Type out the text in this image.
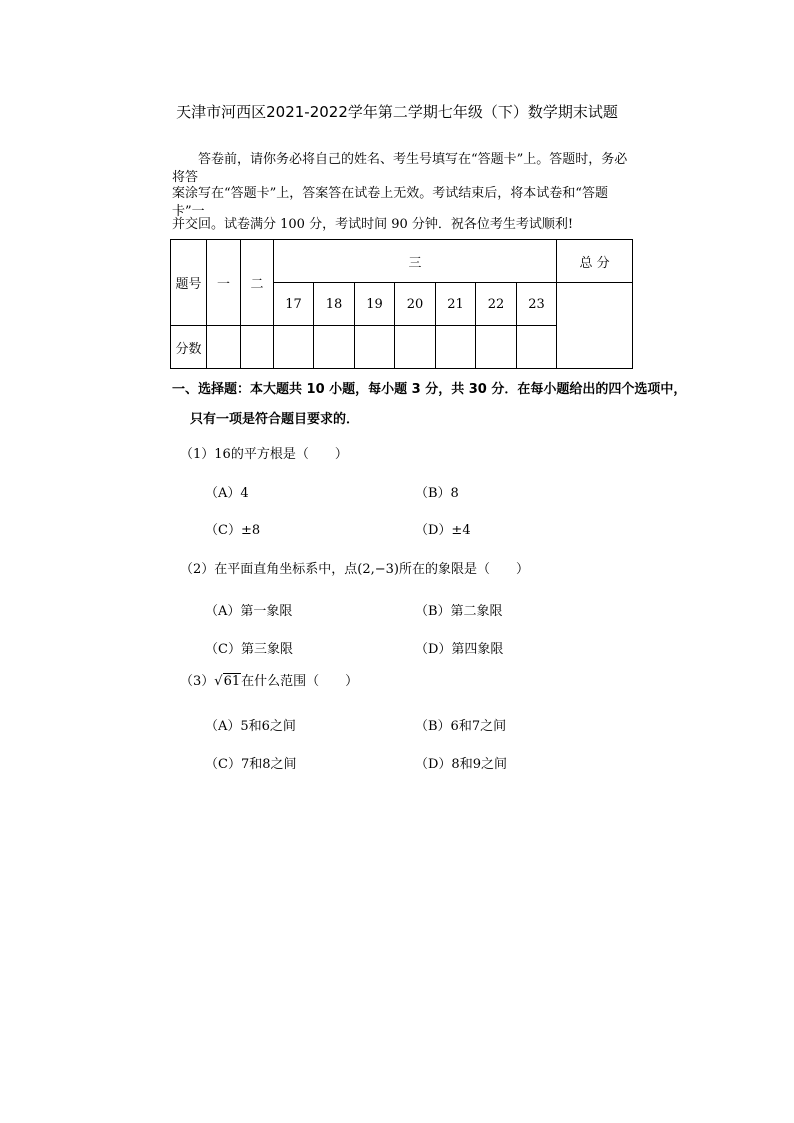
天津市河西区2021-2022学年第二学期七年级（下）数学期末试题

答卷前，请你务必将自己的姓名、考生号填写在“答题卡”上。答题时，务必将答

案涂写在“答题卡”上，答案答在试卷上无效。考试结束后，将本试卷和“答题卡”一

并交回。试卷满分 100 分，考试时间 90 分钟．祝各位考生考试顺利!

题号	一	二	三							总 分
			17	18	19	20	21	22	23	
分数										
一、选择题：本大题共 10 小题，每小题 3 分，共 30 分．在每小题给出的四个选项中，
只有一项是符合题目要求的．
（1）16的平方根是（　　）
（A）4	（B）8
（C）±8	（D）±4
（2）在平面直角坐标系中，点(2,−3)所在的象限是（　　）
（A）第一象限	（B）第二象限
（C）第三象限	（D）第四象限
（3）√61在什么范围（　　）
（A）5和6之间	（B）6和7之间
（C）7和8之间	（D）8和9之间
